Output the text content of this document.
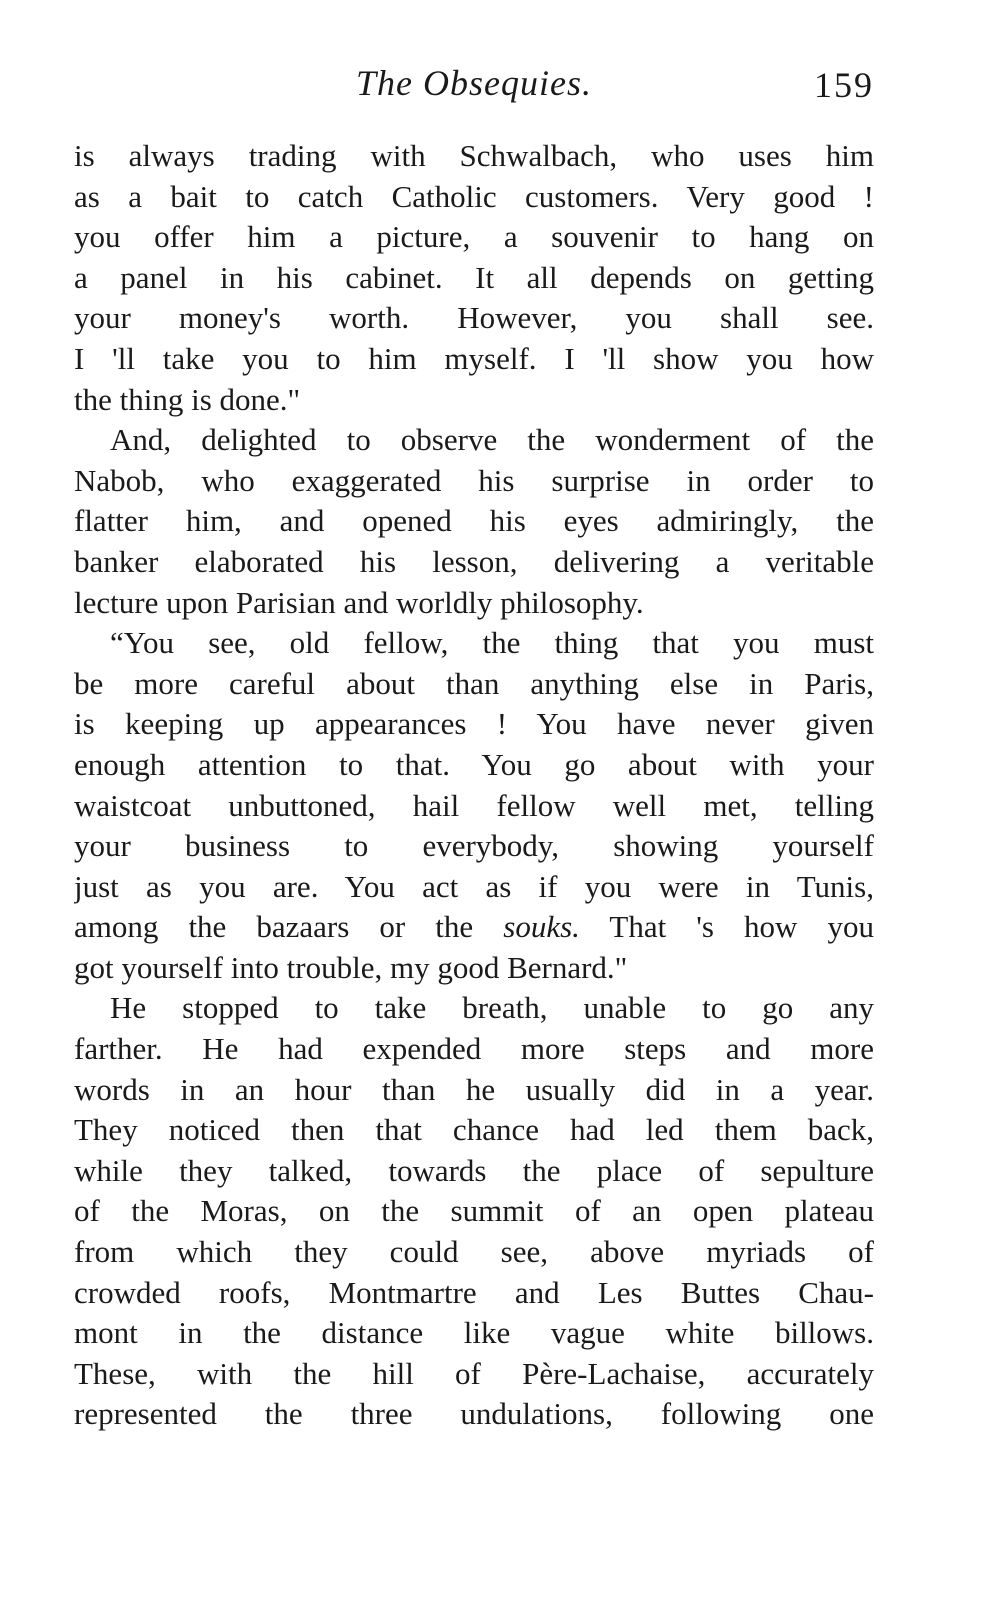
The Obsequies.	159
is always trading with Schwalbach, who uses him
as a bait to catch Catholic customers. Very good !
you offer him a picture, a souvenir to hang on
a panel in his cabinet. It all depends on getting
your money's worth. However, you shall see.
I 'll take you to him myself. I 'll show you how
the thing is done."
And, delighted to observe the wonderment of the
Nabob, who exaggerated his surprise in order to
flatter him, and opened his eyes admiringly, the
banker elaborated his lesson, delivering a veritable
lecture upon Parisian and worldly philosophy.
“You see, old fellow, the thing that you must
be more careful about than anything else in Paris,
is keeping up appearances ! You have never given
enough attention to that. You go about with your
waistcoat unbuttoned, hail fellow well met, telling
your business to everybody, showing yourself
just as you are. You act as if you were in Tunis,
among the bazaars or the souks. That 's how you
got yourself into trouble, my good Bernard."
He stopped to take breath, unable to go any
farther. He had expended more steps and more
words in an hour than he usually did in a year.
They noticed then that chance had led them back,
while they talked, towards the place of sepulture
of the Moras, on the summit of an open plateau
from which they could see, above myriads of
crowded roofs, Montmartre and Les Buttes Chau-
mont in the distance like vague white billows.
These, with the hill of Père-Lachaise, accurately
represented the three undulations, following one
